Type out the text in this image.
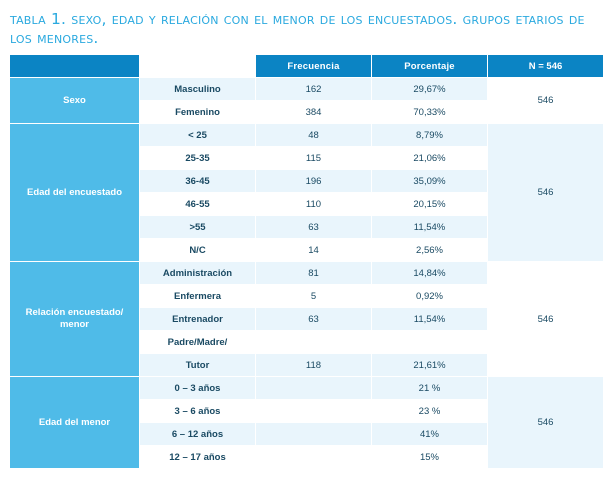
tabla 1. sexo, edad y relación con el menor de los encuestados. grupos etarios de los menores.
		Frecuencia	Porcentaje	N = 546
Sexo	Masculino	162	29,67%	546
	Femenino	384	70,33%	
Edad del encuestado	< 25	48	8,79%	546
	25-35	115	21,06%	
	36-45	196	35,09%	
	46-55	110	20,15%	
	>55	63	11,54%	
	N/C	14	2,56%	
Relación encuestado/ menor	Administración	81	14,84%	546
	Enfermera	5	0,92%	
	Entrenador	63	11,54%	
	Padre/Madre/			
	Tutor	118	21,61%	
Edad del menor	0 – 3 años		21 %	546
	3 – 6 años		23 %	
	6 – 12 años		41%	
	12 – 17 años		15%	
